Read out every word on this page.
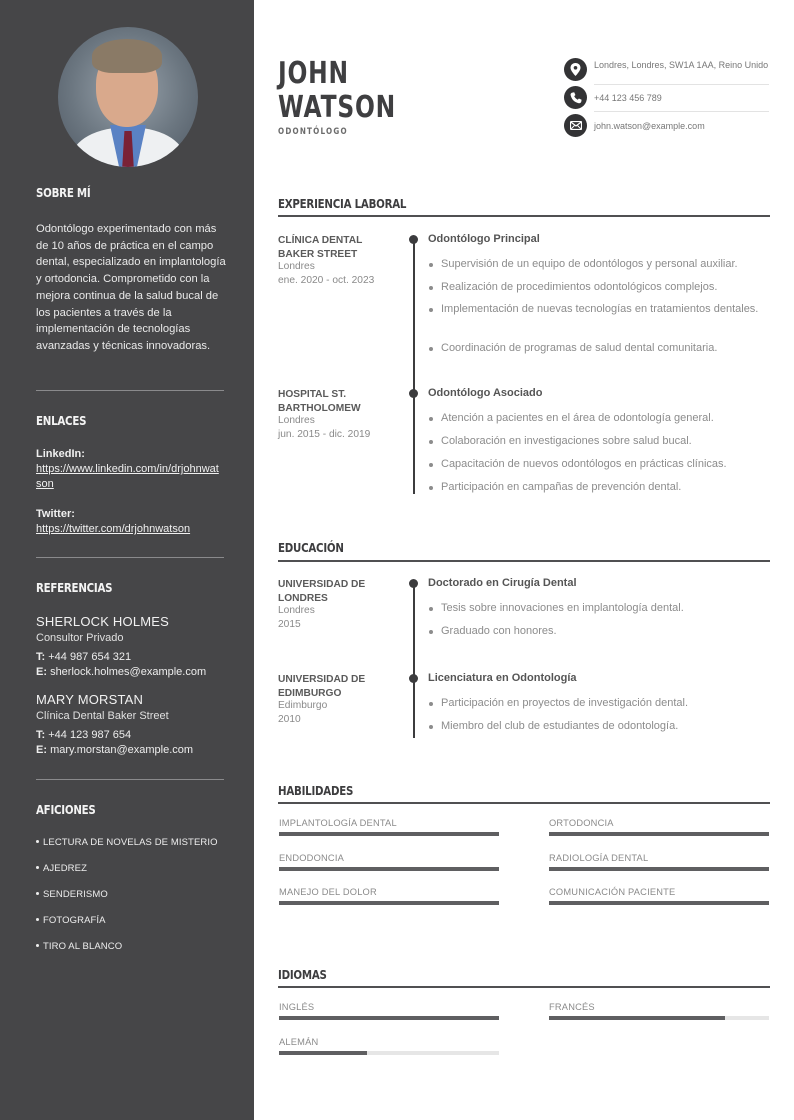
SOBRE MÍ

Odontólogo experimentado con más de 10 años de práctica en el campo dental, especializado en implantología y ortodoncia. Comprometido con la mejora continua de la salud bucal de los pacientes a través de la implementación de tecnologías avanzadas y técnicas innovadoras.

ENLACES
LinkedIn:
https://www.linkedin.com/in/drjohnwatson
Twitter:
https://twitter.com/drjohnwatson
REFERENCIAS
SHERLOCK HOLMES
Consultor Privado
T: +44 987 654 321
E: sherlock.holmes@example.com
MARY MORSTAN
Clínica Dental Baker Street
T: +44 123 987 654
E: mary.morstan@example.com
AFICIONES
LECTURA DE NOVELAS DE MISTERIO
AJEDREZ
SENDERISMO
FOTOGRAFÍA
TIRO AL BLANCO
JOHN
WATSON
ODONTÓLOGO
Londres, Londres, SW1A 1AA, Reino Unido
+44 123 456 789
john.watson@example.com
EXPERIENCIA LABORAL
CLÍNICA DENTAL BAKER STREET
Londres
ene. 2020 - oct. 2023
Odontólogo Principal
Supervisión de un equipo de odontólogos y personal auxiliar.
Realización de procedimientos odontológicos complejos.
Implementación de nuevas tecnologías en tratamientos dentales.
Coordinación de programas de salud dental comunitaria.
HOSPITAL ST. BARTHOLOMEW
Londres
jun. 2015 - dic. 2019
Odontólogo Asociado
Atención a pacientes en el área de odontología general.
Colaboración en investigaciones sobre salud bucal.
Capacitación de nuevos odontólogos en prácticas clínicas.
Participación en campañas de prevención dental.
EDUCACIÓN
UNIVERSIDAD DE LONDRES
Londres
2015
Doctorado en Cirugía Dental
Tesis sobre innovaciones en implantología dental.
Graduado con honores.
UNIVERSIDAD DE EDIMBURGO
Edimburgo
2010
Licenciatura en Odontología
Participación en proyectos de investigación dental.
Miembro del club de estudiantes de odontología.
HABILIDADES
IMPLANTOLOGÍA DENTAL	ORTODONCIA
ENDODONCIA	RADIOLOGÍA DENTAL
MANEJO DEL DOLOR	COMUNICACIÓN PACIENTE
IDIOMAS
INGLÉS	FRANCÉS
ALEMÁN
